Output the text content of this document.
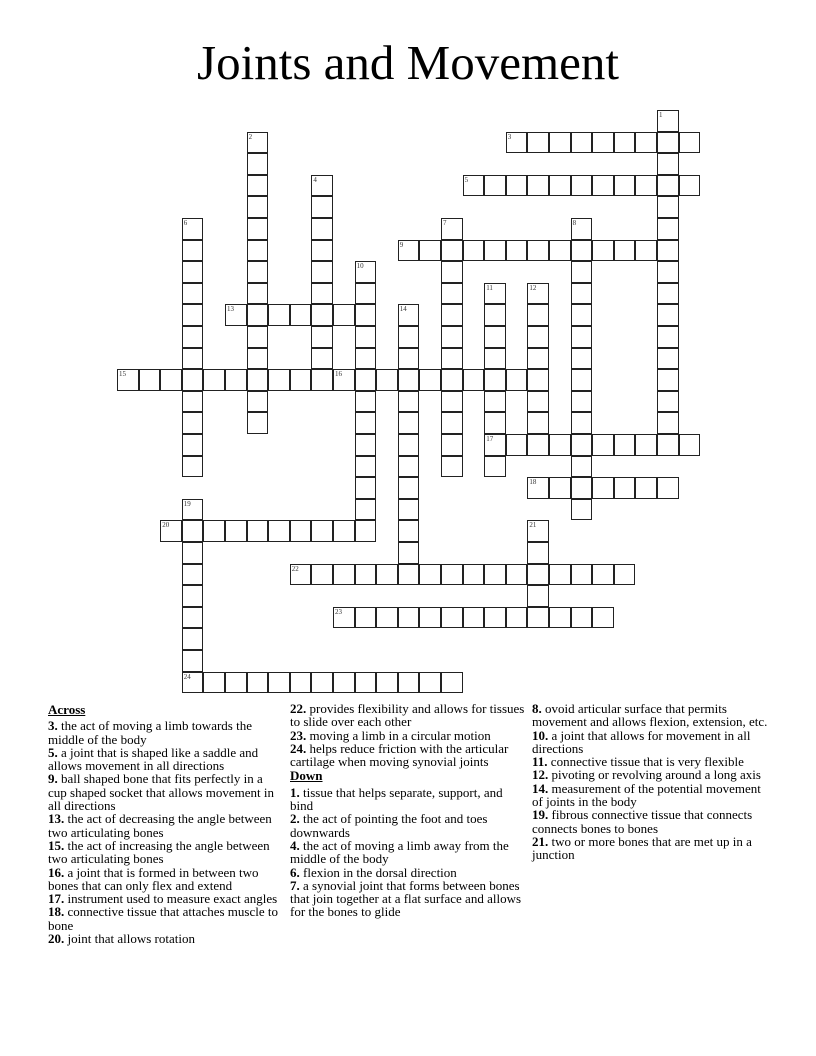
Joints and Movement
1
2	3
4	5
6	7	8
9
10
11
17
12
13	14
15	16
18
19
24
20	21
22
23
Across
3. the act of moving a limb towards the middle of the body
5. a joint that is shaped like a saddle and allows movement in all directions
9. ball shaped bone that fits perfectly in a cup shaped socket that allows movement in all directions
13. the act of decreasing the angle between two articulating bones
15. the act of increasing the angle between two articulating bones
16. a joint that is formed in between two bones that can only flex and extend
17. instrument used to measure exact angles
18. connective tissue that attaches muscle to bone
20. joint that allows rotation
22. provides flexibility and allows for tissues to slide over each other
23. moving a limb in a circular motion
24. helps reduce friction with the articular cartilage when moving synovial joints
Down
1. tissue that helps separate, support, and bind
2. the act of pointing the foot and toes downwards
4. the act of moving a limb away from the middle of the body
6. flexion in the dorsal direction
7. a synovial joint that forms between bones that join together at a flat surface and allows for the bones to glide
8. ovoid articular surface that permits movement and allows flexion, extension, etc.
10. a joint that allows for movement in all directions
11. connective tissue that is very flexible
12. pivoting or revolving around a long axis
14. measurement of the potential movement of joints in the body
19. fibrous connective tissue that connects connects bones to bones
21. two or more bones that are met up in a junction
